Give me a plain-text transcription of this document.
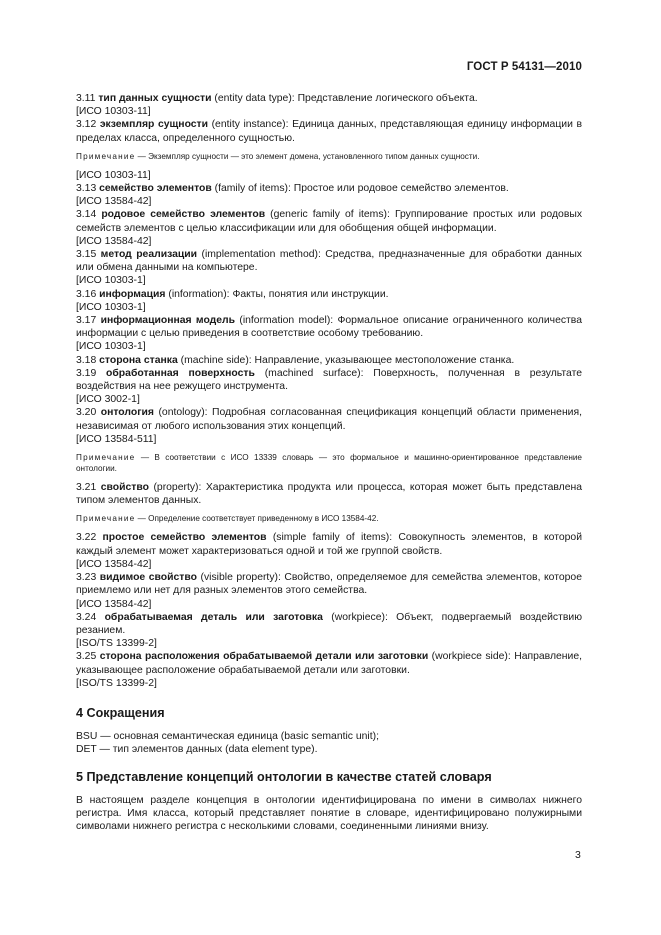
ГОСТ Р 54131—2010

3.11 тип данных сущности (entity data type): Представление логического объекта.

[ИСО 10303-11]

3.12 экземпляр сущности (entity instance): Единица данных, представляющая единицу информации в пределах класса, определенного сущностью.

Примечание — Экземпляр сущности — это элемент домена, установленного типом данных сущности.

[ИСО 10303-11]

3.13 семейство элементов (family of items): Простое или родовое семейство элементов.

[ИСО 13584-42]

3.14 родовое семейство элементов (generic family of items): Группирование простых или родовых семейств элементов с целью классификации или для обобщения общей информации.

[ИСО 13584-42]

3.15 метод реализации (implementation method): Средства, предназначенные для обработки данных или обмена данными на компьютере.

[ИСО 10303-1]

3.16 информация (information): Факты, понятия или инструкции.

[ИСО 10303-1]

3.17 информационная модель (information model): Формальное описание ограниченного количества информации с целью приведения в соответствие особому требованию.

[ИСО 10303-1]

3.18 сторона станка (machine side): Направление, указывающее местоположение станка.

3.19 обработанная поверхность (machined surface): Поверхность, полученная в результате воздействия на нее режущего инструмента.

[ИСО 3002-1]

3.20 онтология (ontology): Подробная согласованная спецификация концепций области применения, независимая от любого использования этих концепций.

[ИСО 13584-511]

Примечание — В соответствии с ИСО 13339 словарь — это формальное и машинно-ориентированное представление онтологии.

3.21 свойство (property): Характеристика продукта или процесса, которая может быть представлена типом элементов данных.

Примечание — Определение соответствует приведенному в ИСО 13584-42.

3.22 простое семейство элементов (simple family of items): Совокупность элементов, в которой каждый элемент может характеризоваться одной и той же группой свойств.

[ИСО 13584-42]

3.23 видимое свойство (visible property): Свойство, определяемое для семейства элементов, которое приемлемо или нет для разных элементов этого семейства.

[ИСО 13584-42]

3.24 обрабатываемая деталь или заготовка (workpiece): Объект, подвергаемый воздействию резанием.

[ISO/TS 13399-2]

3.25 сторона расположения обрабатываемой детали или заготовки (workpiece side): Направление, указывающее расположение обрабатываемой детали или заготовки.

[ISO/TS 13399-2]

4 Сокращения

BSU — основная семантическая единица (basic semantic unit);

DET — тип элементов данных (data element type).

5 Представление концепций онтологии в качестве статей словаря

В настоящем разделе концепция в онтологии идентифицирована по имени в символах нижнего регистра. Имя класса, который представляет понятие в словаре, идентифицировано полужирными символами нижнего регистра с несколькими словами, соединенными линиями внизу.

3
